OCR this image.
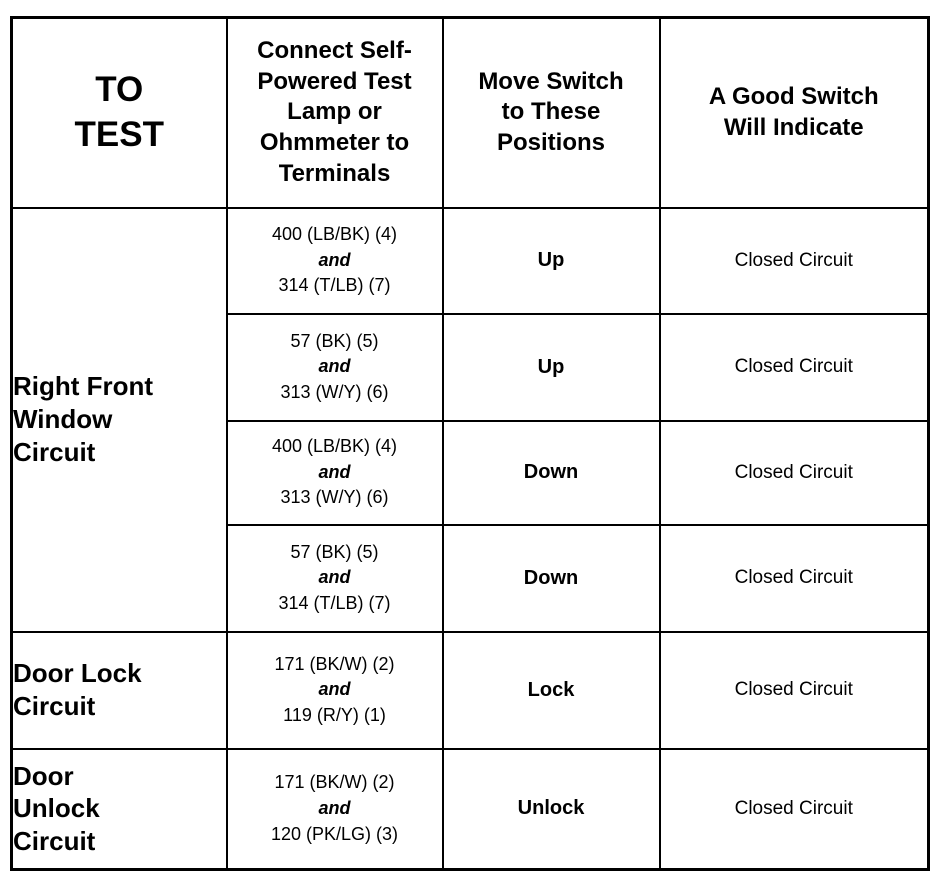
TO TEST	Connect Self-Powered Test Lamp or Ohmmeter to Terminals	Move Switch to These Positions	A Good Switch Will Indicate
Right Front Window Circuit	400 (LB/BK) (4)
and
314 (T/LB) (7)	Up	Closed Circuit

	57 (BK) (5)
and
313 (W/Y) (6)	Up	Closed Circuit

	400 (LB/BK) (4)
and
313 (W/Y) (6)	Down	Closed Circuit

	57 (BK) (5)
and
314 (T/LB) (7)	Down	Closed Circuit
Door Lock Circuit	171 (BK/W) (2)
and
119 (R/Y) (1)	Lock	Closed Circuit
Door Unlock Circuit	171 (BK/W) (2)
and
120 (PK/LG) (3)	Unlock	Closed Circuit
